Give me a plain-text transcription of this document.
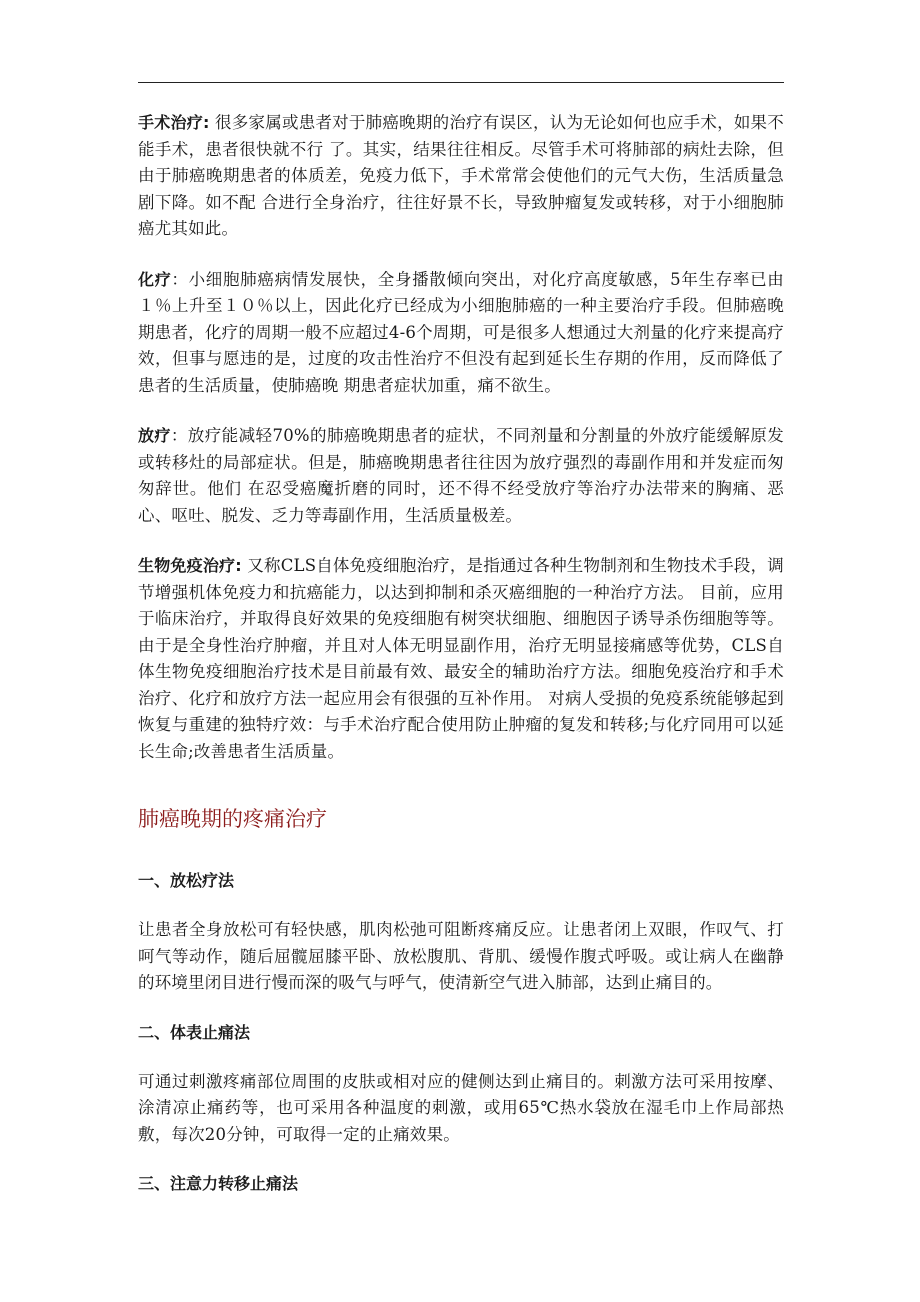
手术治疗: 很多家属或患者对于肺癌晚期的治疗有误区，认为无论如何也应手术，如果不能手术，患者很快就不行 了。其实，结果往往相反。尽管手术可将肺部的病灶去除，但由于肺癌晚期患者的体质差，免疫力低下，手术常常会使他们的元气大伤，生活质量急剧下降。如不配 合进行全身治疗，往往好景不长，导致肿瘤复发或转移，对于小细胞肺癌尤其如此。

化疗：小细胞肺癌病情发展快，全身播散倾向突出，对化疗高度敏感，5年生存率已由１％上升至１０％以上，因此化疗已经成为小细胞肺癌的一种主要治疗手段。但肺癌晚期患者，化疗的周期一般不应超过4-6个周期，可是很多人想通过大剂量的化疗来提高疗效，但事与愿违的是，过度的攻击性治疗不但没有起到延长生存期的作用，反而降低了患者的生活质量，使肺癌晚 期患者症状加重，痛不欲生。

放疗：放疗能减轻70%的肺癌晚期患者的症状，不同剂量和分割量的外放疗能缓解原发或转移灶的局部症状。但是，肺癌晚期患者往往因为放疗强烈的毒副作用和并发症而匆匆辞世。他们 在忍受癌魔折磨的同时，还不得不经受放疗等治疗办法带来的胸痛、恶心、呕吐、脱发、乏力等毒副作用，生活质量极差。

生物免疫治疗: 又称CLS自体免疫细胞治疗，是指通过各种生物制剂和生物技术手段，调节增强机体免疫力和抗癌能力，以达到抑制和杀灭癌细胞的一种治疗方法。 目前，应用于临床治疗，并取得良好效果的免疫细胞有树突状细胞、细胞因子诱导杀伤细胞等等。由于是全身性治疗肿瘤，并且对人体无明显副作用，治疗无明显接痛感等优势，CLS自体生物免疫细胞治疗技术是目前最有效、最安全的辅助治疗方法。细胞免疫治疗和手术治疗、化疗和放疗方法一起应用会有很强的互补作用。 对病人受损的免疫系统能够起到恢复与重建的独特疗效：与手术治疗配合使用防止肿瘤的复发和转移;与化疗同用可以延长生命;改善患者生活质量。

肺癌晚期的疼痛治疗
一、放松疗法

让患者全身放松可有轻快感，肌肉松弛可阻断疼痛反应。让患者闭上双眼，作叹气、打呵气等动作，随后屈髋屈膝平卧、放松腹肌、背肌、缓慢作腹式呼吸。或让病人在幽静的环境里闭目进行慢而深的吸气与呼气，使清新空气进入肺部，达到止痛目的。

二、体表止痛法

可通过刺激疼痛部位周围的皮肤或相对应的健侧达到止痛目的。刺激方法可采用按摩、涂清凉止痛药等，也可采用各种温度的刺激，或用65℃热水袋放在湿毛巾上作局部热敷，每次20分钟，可取得一定的止痛效果。

三、注意力转移止痛法
